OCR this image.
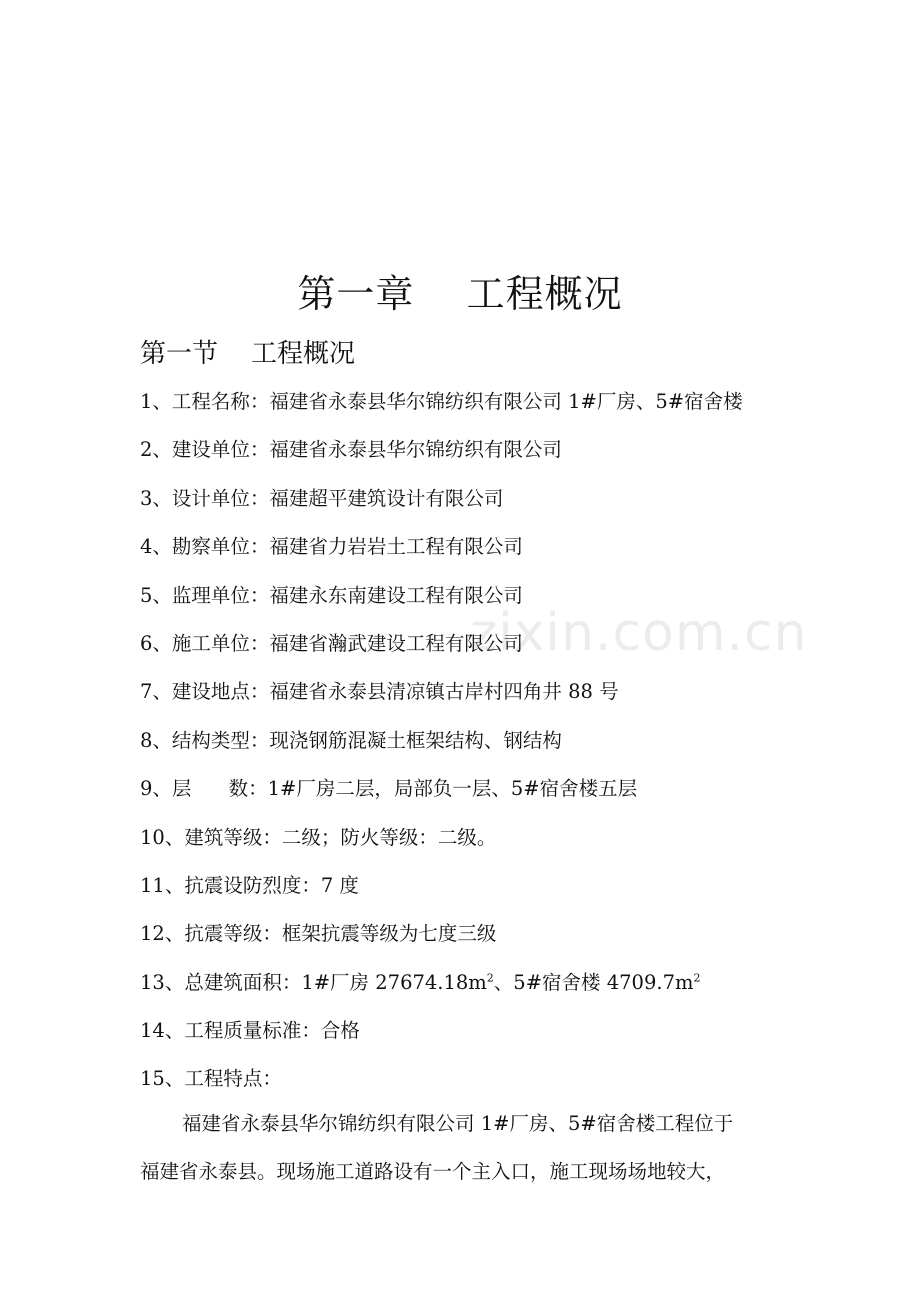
zixin.com.cn
第一章    工程概况
第一节    工程概况
1、工程名称：福建省永泰县华尔锦纺织有限公司 1#厂房、5#宿舍楼
2、建设单位：福建省永泰县华尔锦纺织有限公司
3、设计单位：福建超平建筑设计有限公司
4、勘察单位：福建省力岩岩土工程有限公司
5、监理单位：福建永东南建设工程有限公司
6、施工单位：福建省瀚武建设工程有限公司
7、建设地点：福建省永泰县清凉镇古岸村四角井 88 号
8、结构类型：现浇钢筋混凝土框架结构、钢结构
9、层      数：1#厂房二层，局部负一层、5#宿舍楼五层
10、建筑等级：二级；防火等级：二级。
11、抗震设防烈度：7 度
12、抗震等级：框架抗震等级为七度三级
13、总建筑面积：1#厂房 $27674.18m^2$、5#宿舍楼 $4709.7m^2$
14、工程质量标准：合格
15、工程特点：
福建省永泰县华尔锦纺织有限公司 1#厂房、5#宿舍楼工程位于
福建省永泰县。现场施工道路设有一个主入口，施工现场场地较大，
